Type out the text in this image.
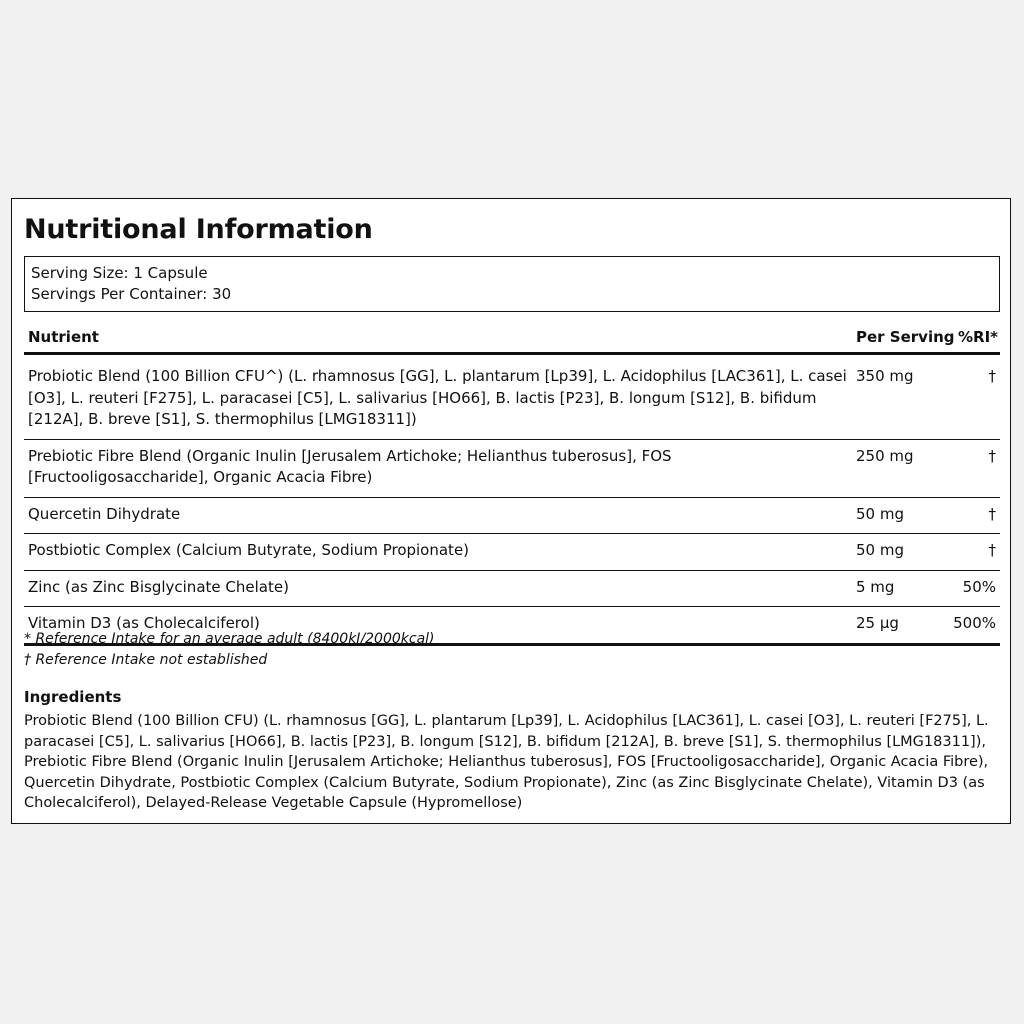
Nutritional Information
Serving Size: 1 Capsule
Servings Per Container: 30
Nutrient	Per Serving	%RI*
Probiotic Blend (100 Billion CFU^) (L. rhamnosus [GG], L. plantarum [Lp39], L. Acidophilus [LAC361], L. casei [O3], L. reuteri [F275], L. paracasei [C5], L. salivarius [HO66], B. lactis [P23], B. longum [S12], B. bifidum [212A], B. breve [S1], S. thermophilus [LMG18311])	350 mg	†
Prebiotic Fibre Blend (Organic Inulin [Jerusalem Artichoke; Helianthus tuberosus], FOS [Fructooligosaccharide], Organic Acacia Fibre)	250 mg	†
Quercetin Dihydrate	50 mg	†
Postbiotic Complex (Calcium Butyrate, Sodium Propionate)	50 mg	†
Zinc (as Zinc Bisglycinate Chelate)	5 mg	50%
Vitamin D3 (as Cholecalciferol)	25 μg	500%
* Reference Intake for an average adult (8400kJ/2000kcal)
† Reference Intake not established
Ingredients

Probiotic Blend (100 Billion CFU) (L. rhamnosus [GG], L. plantarum [Lp39], L. Acidophilus [LAC361], L. casei [O3], L. reuteri [F275], L. paracasei [C5], L. salivarius [HO66], B. lactis [P23], B. longum [S12], B. bifidum [212A], B. breve [S1], S. thermophilus [LMG18311]), Prebiotic Fibre Blend (Organic Inulin [Jerusalem Artichoke; Helianthus tuberosus], FOS [Fructooligosaccharide], Organic Acacia Fibre), Quercetin Dihydrate, Postbiotic Complex (Calcium Butyrate, Sodium Propionate), Zinc (as Zinc Bisglycinate Chelate), Vitamin D3 (as Cholecalciferol), Delayed-Release Vegetable Capsule (Hypromellose)
